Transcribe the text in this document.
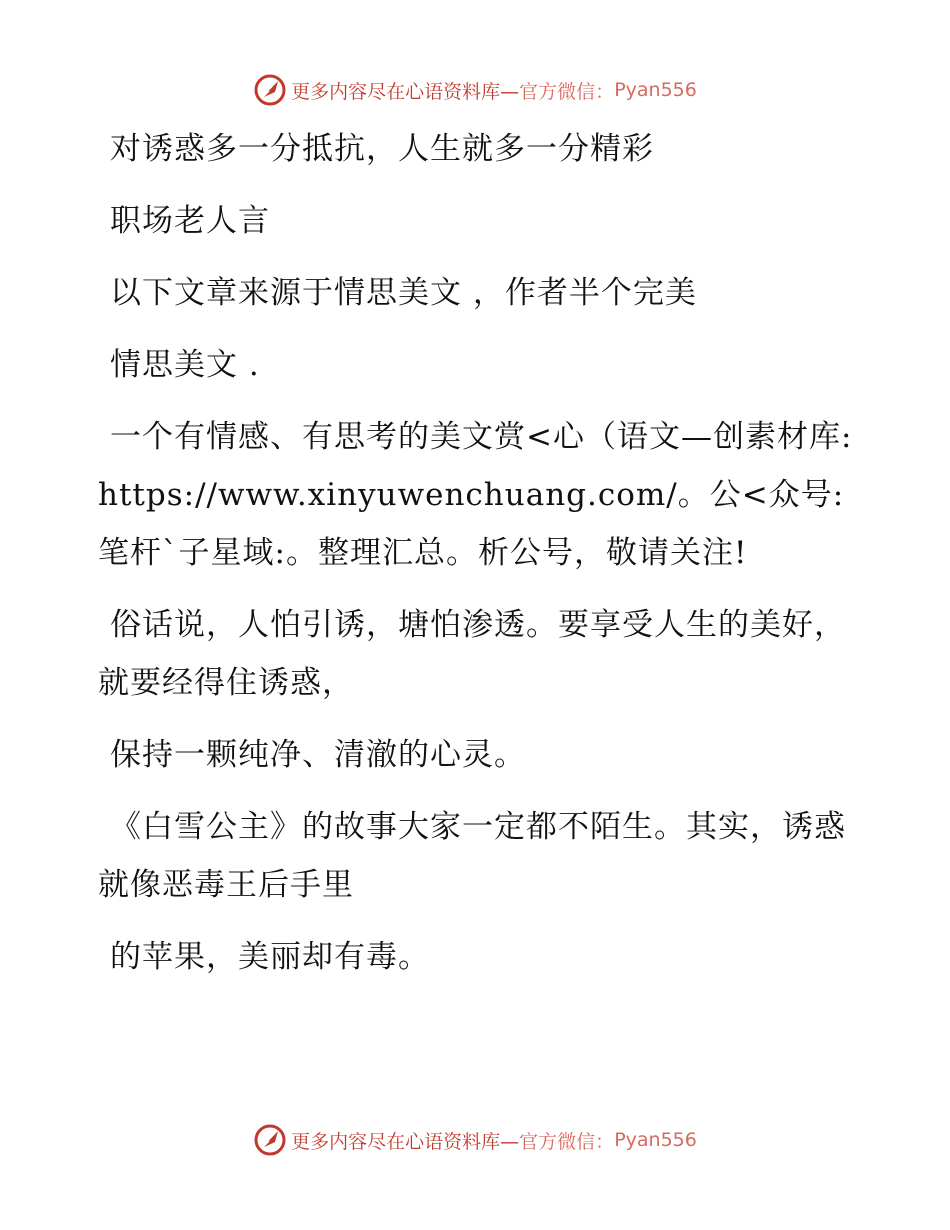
更多内容尽在心语资料库— 官方微信： Pyan556

对诱惑多一分抵抗，人生就多一分精彩

职场老人言

以下文章来源于情思美文 ，作者半个完美

情思美文 .

一个有情感、有思考的美文赏<心（语文—创素材库: https://www.xinyuwenchuang.com/。公<众号: 笔杆`子星域:。整理汇总。析公号，敬请关注!

俗话说，人怕引诱，塘怕渗透。要享受人生的美好，就要经得住诱惑，

保持一颗纯净、清澈的心灵。

《白雪公主》的故事大家一定都不陌生。其实，诱惑就像恶毒王后手里

的苹果，美丽却有毒。

更多内容尽在心语资料库— 官方微信： Pyan556
